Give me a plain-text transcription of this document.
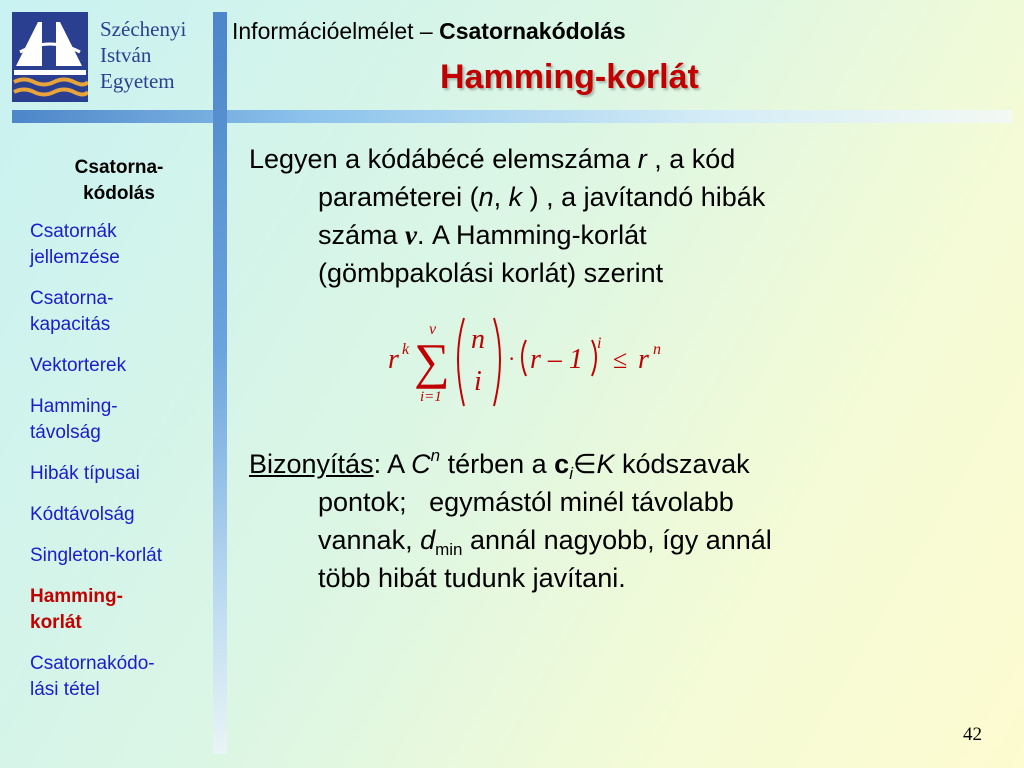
Széchenyi
István
Egyetem
Információelmélet – Csatornakódolás
Hamming-korlát
Csatorna-
kódolás
Csatornák
jellemzése
Csatorna-
kapacitás
Vektorterek
Hamming-
távolság
Hibák típusai
Kódtávolság
Singleton-korlát
Hamming-
korlát
Csatornakódo-
lási tétel
Legyen a kódábécé elemszáma r , a kód
paraméterei (n, k ) , a javítandó hibák
száma ν. A Hamming-korlát
(gömbpakolási korlát) szerint
r k
ν
∑
i=1
n
i
· r – 1
i
≤ r n
Bizonyítás: A $C^n$ térben a $c_i\in K$ kódszavak
pontok;   egymástól minél távolabb
vannak, $d_{min}$ annál nagyobb, így annál
több hibát tudunk javítani.
42
